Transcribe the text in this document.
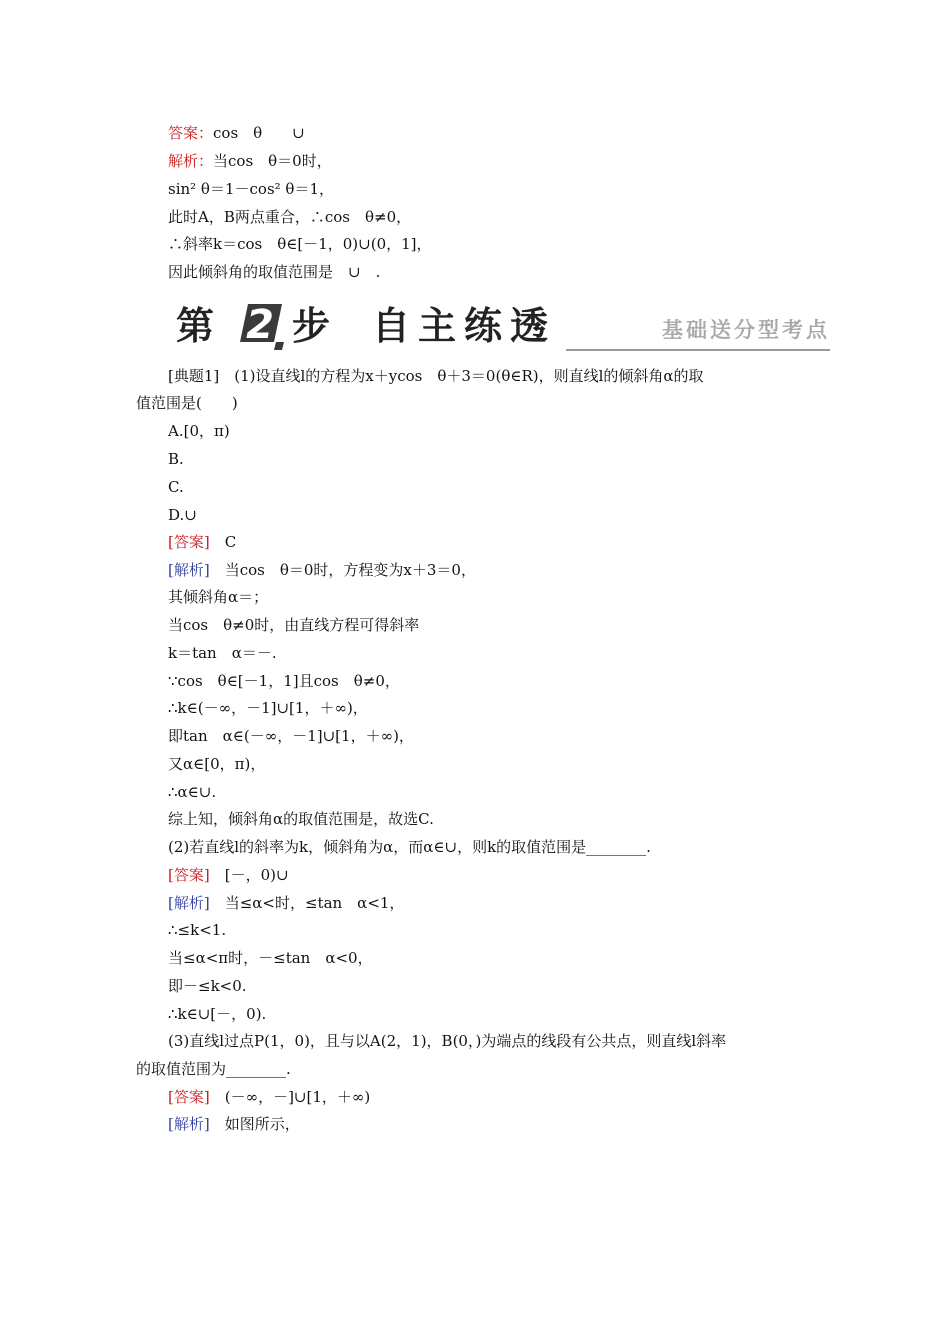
答案：cos　θ　　∪
解析：当cos　θ＝0时，
sin² θ＝1－cos² θ＝1，
此时A，B两点重合，∴cos　θ≠0，
∴斜率k＝cos　θ∈[－1，0)∪(0，1]，
因此倾斜角的取值范围是　∪　.
第 步 自主练透	基础送分型考点
2
[典题1]　(1)设直线l的方程为x＋ycos　θ＋3＝0(θ∈R)，则直线l的倾斜角α的取
值范围是(　　)
A.[0，π)
B.
C.
D.∪
[答案]　C
[解析]　当cos　θ＝0时，方程变为x＋3＝0，
其倾斜角α＝；
当cos　θ≠0时，由直线方程可得斜率
k＝tan　α＝－.
∵cos　θ∈[－1，1]且cos　θ≠0，
∴k∈(－∞，－1]∪[1，＋∞)，
即tan　α∈(－∞，－1]∪[1，＋∞)，
又α∈[0，π)，
∴α∈∪.
综上知，倾斜角α的取值范围是，故选C.
(2)若直线l的斜率为k，倾斜角为α，而α∈∪，则k的取值范围是________.
[答案]　[－，0)∪
[解析]　当≤α<时，≤tan　α<1，
∴≤k<1.
当≤α<π时，－≤tan　α<0，
即－≤k<0.
∴k∈∪[－，0).
(3)直线l过点P(1，0)，且与以A(2，1)，B(0，)为端点的线段有公共点，则直线l斜率
的取值范围为________.
[答案]　(－∞，－]∪[1，＋∞)
[解析]　如图所示，
